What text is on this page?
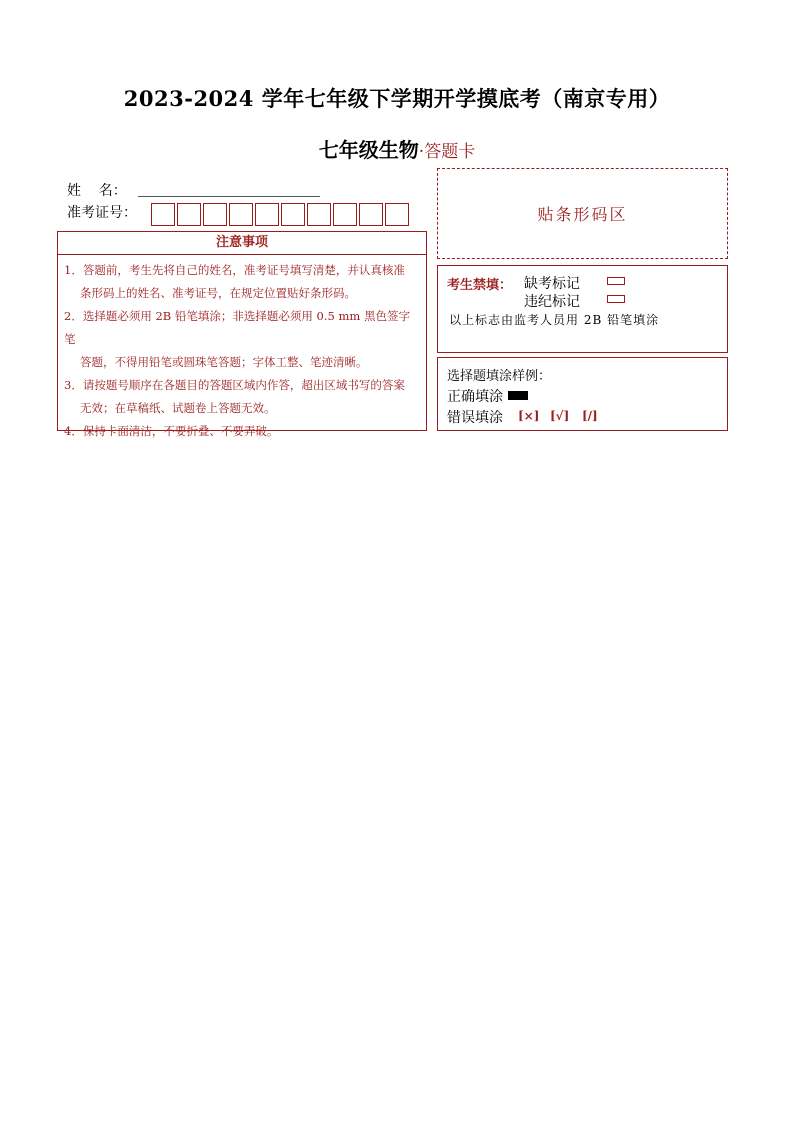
2023-2024 学年七年级下学期开学摸底考（南京专用）
七年级生物·答题卡
姓    名：
准考证号：	贴条形码区
注意事项

1．答题前，考生先将自己的姓名，准考证号填写清楚，并认真核准

条形码上的姓名、准考证号，在规定位置贴好条形码。

2．选择题必须用 2B 铅笔填涂；非选择题必须用 0.5 mm 黑色签字笔

答题，不得用铅笔或圆珠笔答题；字体工整、笔迹清晰。

3．请按题号顺序在各题目的答题区域内作答，超出区域书写的答案

无效；在草稿纸、试题卷上答题无效。

4．保持卡面清洁，不要折叠、不要弄破。

考生禁填： 缺考标记
违纪标记
以上标志由监考人员用 2B 铅笔填涂
选择题填涂样例：
正确填涂
错误填涂 [×] [√] [/]
